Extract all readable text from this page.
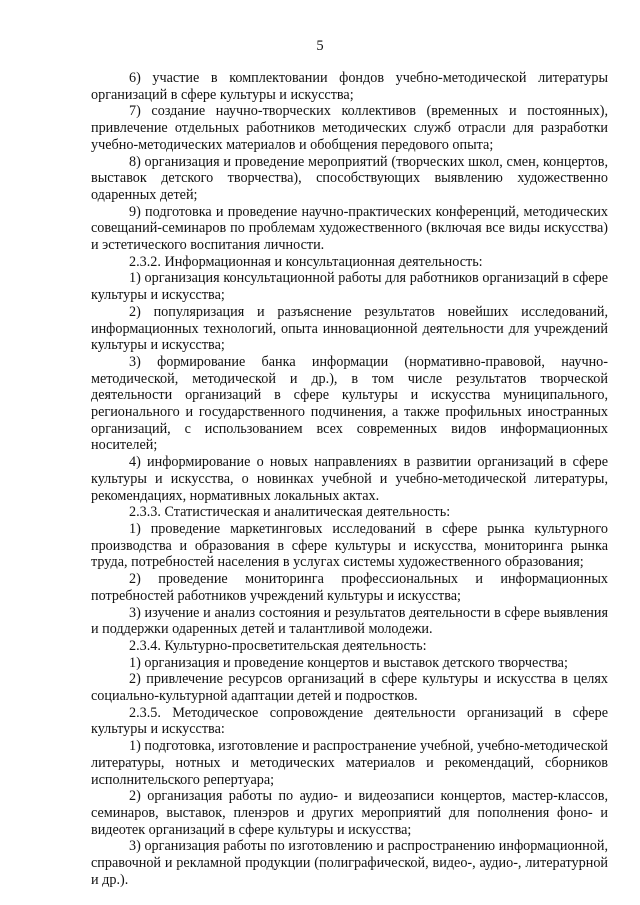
5

6) участие в комплектовании фондов учебно-методической литературы организаций в сфере культуры и искусства;

7) создание научно-творческих коллективов (временных и постоянных), привлечение отдельных работников методических служб отрасли для разработки учебно-методических материалов и обобщения передового опыта;

8) организация и проведение мероприятий (творческих школ, смен, концертов, выставок детского творчества), способствующих выявлению художественно одаренных детей;

9) подготовка и проведение научно-практических конференций, методических совещаний-семинаров по проблемам художественного (включая все виды искусства) и эстетического воспитания личности.

2.3.2. Информационная и консультационная деятельность:

1) организация консультационной работы для работников организаций в сфере культуры и искусства;

2) популяризация и разъяснение результатов новейших исследований, информационных технологий, опыта инновационной деятельности для учреждений культуры и искусства;

3) формирование банка информации (нормативно-правовой, научно-методической, методической и др.), в том числе результатов творческой деятельности организаций в сфере культуры и искусства муниципального, регионального и государственного подчинения, а также профильных иностранных организаций, с использованием всех современных видов информационных носителей;

4) информирование о новых направлениях в развитии организаций в сфере культуры и искусства, о новинках учебной и учебно-методической литературы, рекомендациях, нормативных локальных актах.

2.3.3. Статистическая и аналитическая деятельность:

1) проведение маркетинговых исследований в сфере рынка культурного производства и образования в сфере культуры и искусства, мониторинга рынка труда, потребностей населения в услугах системы художественного образования;

2) проведение мониторинга профессиональных и информационных потребностей работников учреждений культуры и искусства;

3) изучение и анализ состояния и результатов деятельности в сфере выявления и поддержки одаренных детей и талантливой молодежи.

2.3.4. Культурно-просветительская деятельность:

1) организация и проведение концертов и выставок детского творчества;

2) привлечение ресурсов организаций в сфере культуры и искусства в целях социально-культурной адаптации детей и подростков.

2.3.5. Методическое сопровождение деятельности организаций в сфере культуры и искусства:

1) подготовка, изготовление и распространение учебной, учебно-методической литературы, нотных и методических материалов и рекомендаций, сборников исполнительского репертуара;

2) организация работы по аудио- и видеозаписи концертов, мастер-классов, семинаров, выставок, пленэров и других мероприятий для пополнения фоно- и видеотек организаций в сфере культуры и искусства;

3) организация работы по изготовлению и распространению информационной, справочной и рекламной продукции (полиграфической, видео-, аудио-, литературной и др.).
